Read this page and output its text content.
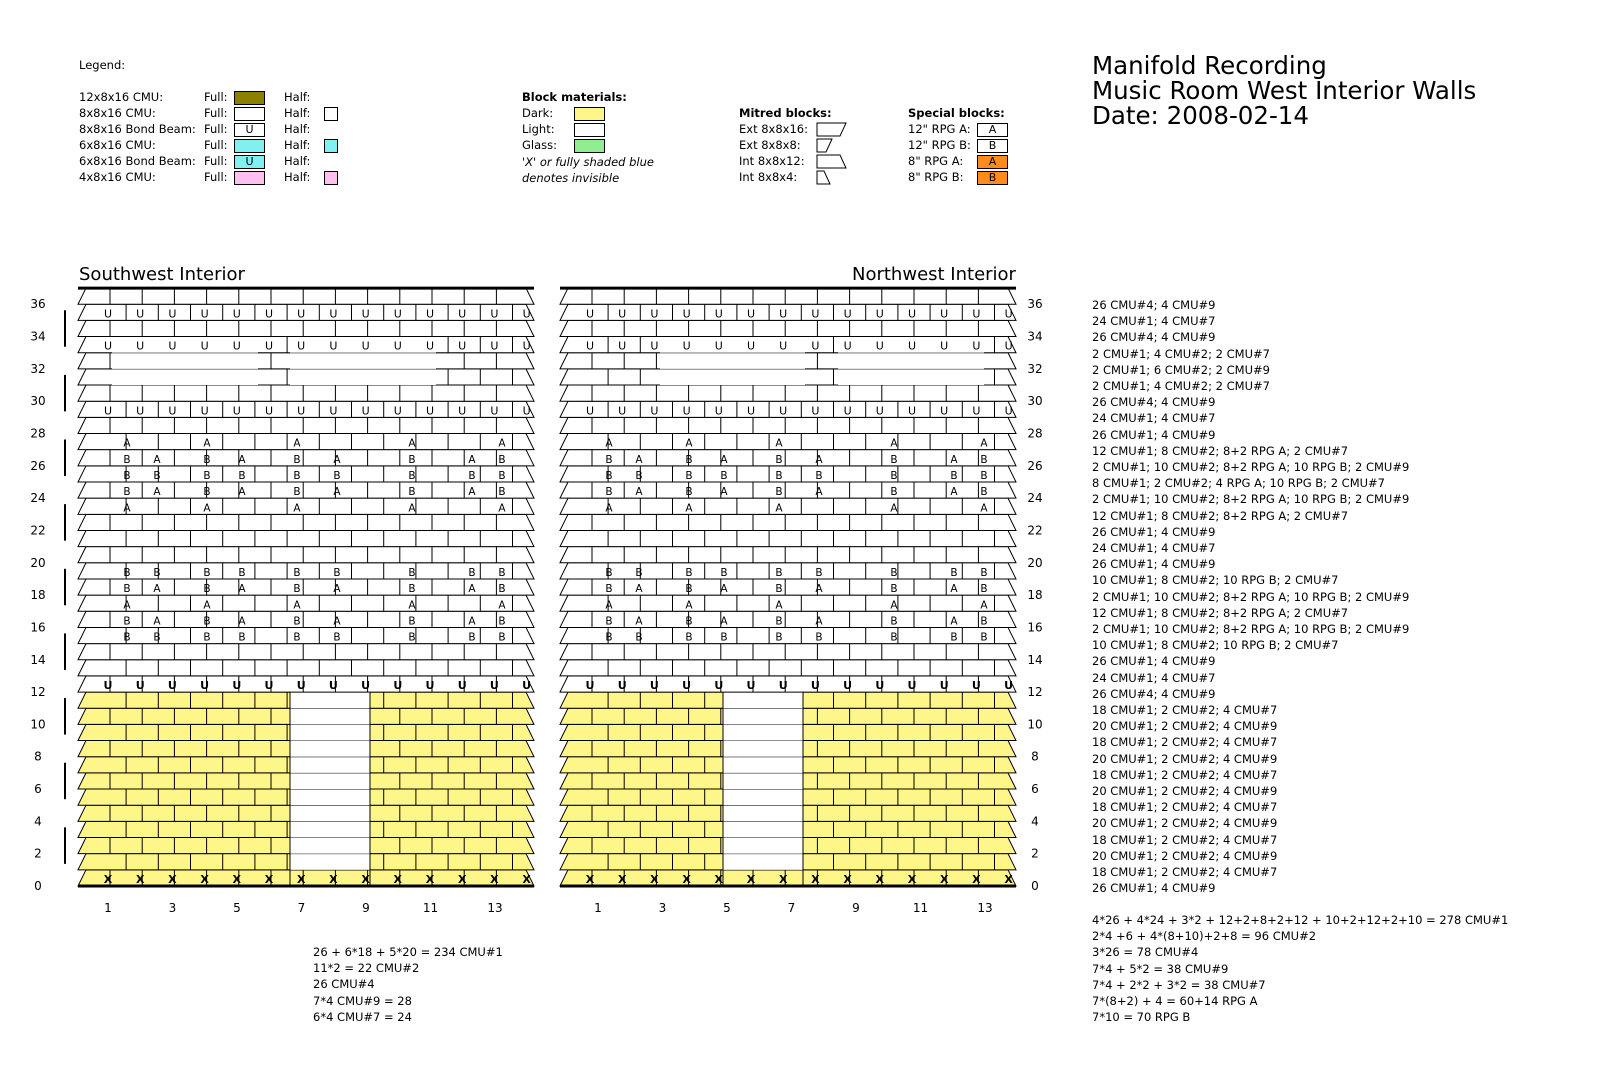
Manifold Recording
Music Room West Interior Walls
Date: 2008-02-14
Legend:
12x8x16 CMU:	Full:	Half:
8x8x16 CMU:	Full:	Half:
8x8x16 Bond Beam: Full:	U	Half:
6x8x16 CMU:	Full:	Half:
6x8x16 Bond Beam: Full:	U	Half:
4x8x16 CMU:	Full:	Half:
Block materials:
Dark:
Light:
Glass:
'X' or fully shaded blue
denotes invisible
Mitred blocks:
Ext 8x8x16:
Ext 8x8x8:
Int 8x8x12:
Int 8x8x4:
Special blocks:
12" RPG A:	A
12" RPG B:	B
8" RPG A:	A
8" RPG B:	B
Southwest Interior	Northwest Interior
X X X X X X X X X X X X X X
U U U U U U U U U U U U U U
U U U U U U U U U U U U U U
U U U U U U U U U U U U U U
U U U U U U U U U U U U U U
X X X X X X X X X X X X X X
U U U U U U U U U U U U U U
U U U U U U U U U U U U U U
U U U U U U U U U U U U U U
U U U U U U U U U U U U U U
B B	B	B	B	B	B	B B	B B	B	B	B	B	B	B B
B A	B	A	B	A	B	A B	B A	B	A	B	A	B	A B
A	A	A	A	A	A	A	A	A	A
B A	B	A	B	A	B	A B	B A	B	A	B	A	B	A B
B B	B	B	B	B	B	B B	B B	B	B	B	B	B	B B
A	A	A	A	A	A	A	A	A	A
B A	B	A	B	A	B	A B	B A	B	A	B	A	B	A B
B B	B	B	B	B	B	B B	B B	B	B	B	B	B	B B
B A	B	A	B	A	B	A B	B A	B	A	B	A	B	A B
A	A	A	A	A	A	A	A	A	A
36	36
34	34
32	32
30	30
28	28
26	26
24	24
22	22
20	20
18	18
16	16
14	14
12	12
10	10
8	8
6	6
4	4
2	2
0	0
1	1
3	3
5	5
7	7
9	9
11	11
13	13
26 CMU#4; 4 CMU#9
24 CMU#1; 4 CMU#7
26 CMU#4; 4 CMU#9
2 CMU#1; 4 CMU#2; 2 CMU#7
2 CMU#1; 6 CMU#2; 2 CMU#9
2 CMU#1; 4 CMU#2; 2 CMU#7
26 CMU#4; 4 CMU#9
24 CMU#1; 4 CMU#7
26 CMU#1; 4 CMU#9
12 CMU#1; 8 CMU#2; 8+2 RPG A; 2 CMU#7
2 CMU#1; 10 CMU#2; 8+2 RPG A; 10 RPG B; 2 CMU#9
8 CMU#1; 2 CMU#2; 4 RPG A; 10 RPG B; 2 CMU#7
2 CMU#1; 10 CMU#2; 8+2 RPG A; 10 RPG B; 2 CMU#9
12 CMU#1; 8 CMU#2; 8+2 RPG A; 2 CMU#7
26 CMU#1; 4 CMU#9
24 CMU#1; 4 CMU#7
26 CMU#1; 4 CMU#9
10 CMU#1; 8 CMU#2; 10 RPG B; 2 CMU#7
2 CMU#1; 10 CMU#2; 8+2 RPG A; 10 RPG B; 2 CMU#9
12 CMU#1; 8 CMU#2; 8+2 RPG A; 2 CMU#7
2 CMU#1; 10 CMU#2; 8+2 RPG A; 10 RPG B; 2 CMU#9
10 CMU#1; 8 CMU#2; 10 RPG B; 2 CMU#7
26 CMU#1; 4 CMU#9
24 CMU#1; 4 CMU#7
26 CMU#4; 4 CMU#9
18 CMU#1; 2 CMU#2; 4 CMU#7
20 CMU#1; 2 CMU#2; 4 CMU#9
18 CMU#1; 2 CMU#2; 4 CMU#7
20 CMU#1; 2 CMU#2; 4 CMU#9
18 CMU#1; 2 CMU#2; 4 CMU#7
20 CMU#1; 2 CMU#2; 4 CMU#9
18 CMU#1; 2 CMU#2; 4 CMU#7
20 CMU#1; 2 CMU#2; 4 CMU#9
18 CMU#1; 2 CMU#2; 4 CMU#7
20 CMU#1; 2 CMU#2; 4 CMU#9
18 CMU#1; 2 CMU#2; 4 CMU#7
26 CMU#1; 4 CMU#9
4*26 + 4*24 + 3*2 + 12+2+8+2+12 + 10+2+12+2+10 = 278 CMU#1
2*4 +6 + 4*(8+10)+2+8 = 96 CMU#2
3*26 = 78 CMU#4
7*4 + 5*2 = 38 CMU#9
7*4 + 2*2 + 3*2 = 38 CMU#7
7*(8+2) + 4 = 60+14 RPG A
7*10 = 70 RPG B
26 + 6*18 + 5*20 = 234 CMU#1
11*2 = 22 CMU#2
26 CMU#4
7*4 CMU#9 = 28
6*4 CMU#7 = 24
